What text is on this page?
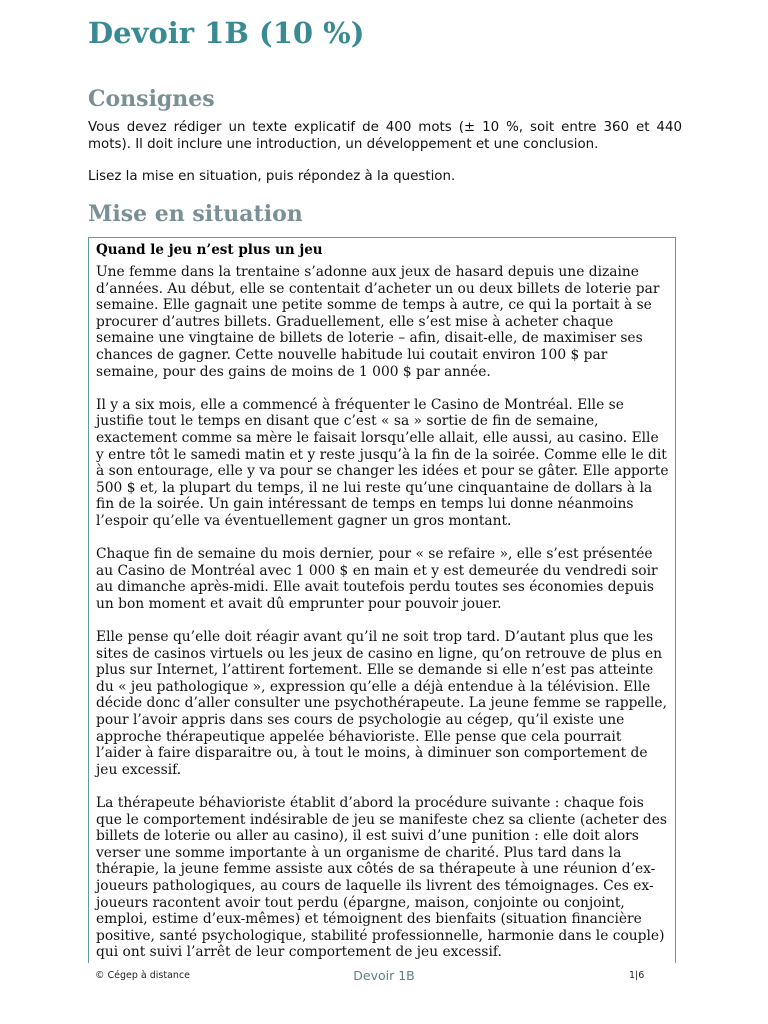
Devoir 1B (10 %)
Consignes

Vous devez rédiger un texte explicatif de 400 mots (± 10 %, soit entre 360 et 440 mots). Il doit inclure une introduction, un développement et une conclusion.

Lisez la mise en situation, puis répondez à la question.

Mise en situation
Quand le jeu n’est plus un jeu

Une femme dans la trentaine s’adonne aux jeux de hasard depuis une dizaine d’années. Au début, elle se contentait d’acheter un ou deux billets de loterie par semaine. Elle gagnait une petite somme de temps à autre, ce qui la portait à se procurer d’autres billets. Graduellement, elle s’est mise à acheter chaque semaine une vingtaine de billets de loterie – afin, disait-elle, de maximiser ses chances de gagner. Cette nouvelle habitude lui coutait environ 100 $ par semaine, pour des gains de moins de 1 000 $ par année.

Il y a six mois, elle a commencé à fréquenter le Casino de Montréal. Elle se justifie tout le temps en disant que c’est « sa » sortie de fin de semaine, exactement comme sa mère le faisait lorsqu’elle allait, elle aussi, au casino. Elle y entre tôt le samedi matin et y reste jusqu’à la fin de la soirée. Comme elle le dit à son entourage, elle y va pour se changer les idées et pour se gâter. Elle apporte 500 $ et, la plupart du temps, il ne lui reste qu’une cinquantaine de dollars à la fin de la soirée. Un gain intéressant de temps en temps lui donne néanmoins l’espoir qu’elle va éventuellement gagner un gros montant.

Chaque fin de semaine du mois dernier, pour « se refaire », elle s’est présentée au Casino de Montréal avec 1 000 $ en main et y est demeurée du vendredi soir au dimanche après-midi. Elle avait toutefois perdu toutes ses économies depuis un bon moment et avait dû emprunter pour pouvoir jouer.

Elle pense qu’elle doit réagir avant qu’il ne soit trop tard. D’autant plus que les sites de casinos virtuels ou les jeux de casino en ligne, qu’on retrouve de plus en plus sur Internet, l’attirent fortement. Elle se demande si elle n’est pas atteinte du « jeu pathologique », expression qu’elle a déjà entendue à la télévision. Elle décide donc d’aller consulter une psychothérapeute. La jeune femme se rappelle, pour l’avoir appris dans ses cours de psychologie au cégep, qu’il existe une approche thérapeutique appelée béhavioriste. Elle pense que cela pourrait l’aider à faire disparaitre ou, à tout le moins, à diminuer son comportement de jeu excessif.

La thérapeute béhavioriste établit d’abord la procédure suivante : chaque fois que le comportement indésirable de jeu se manifeste chez sa cliente (acheter des billets de loterie ou aller au casino), il est suivi d’une punition : elle doit alors verser une somme importante à un organisme de charité. Plus tard dans la thérapie, la jeune femme assiste aux côtés de sa thérapeute à une réunion d’ex-joueurs pathologiques, au cours de laquelle ils livrent des témoignages. Ces ex-joueurs racontent avoir tout perdu (épargne, maison, conjointe ou conjoint, emploi, estime d’eux-mêmes) et témoignent des bienfaits (situation financière positive, santé psychologique, stabilité professionnelle, harmonie dans le couple) qui ont suivi l’arrêt de leur comportement de jeu excessif.

© Cégep à distance	Devoir 1B	1|6
